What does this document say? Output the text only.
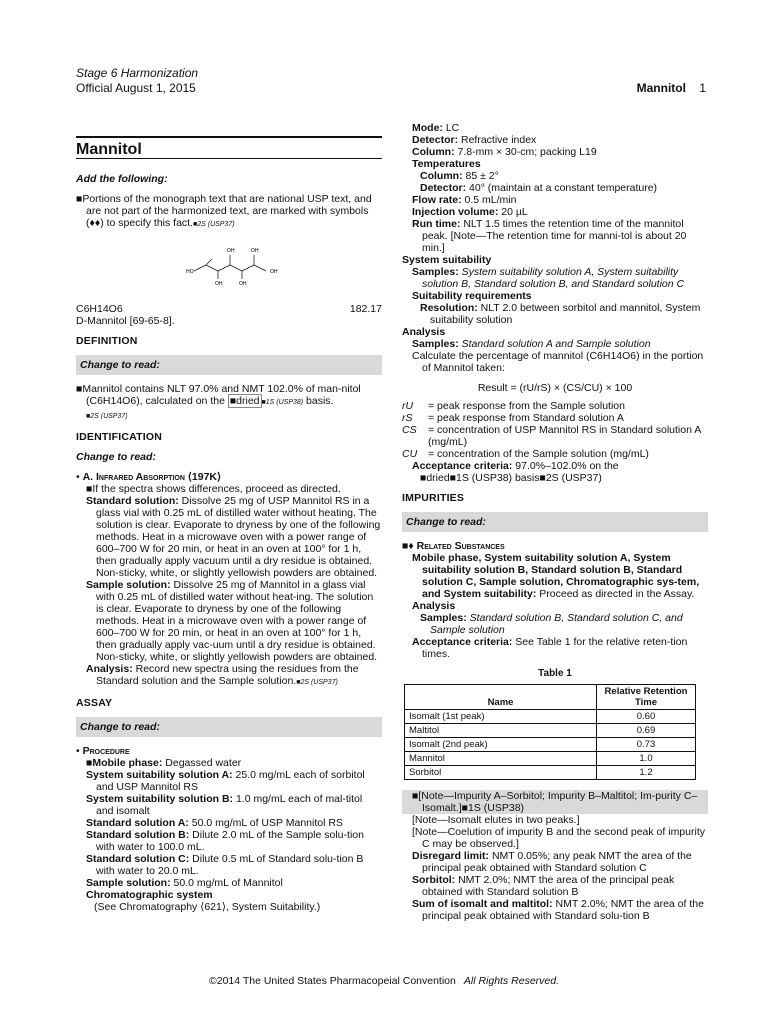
Stage 6 Harmonization
Official August 1, 2015	Mannitol 1
Mannitol
Add the following:

■Portions of the monograph text that are national USP text, and are not part of the harmonized text, are marked with symbols (♦♦) to specify this fact.■2S (USP37)

HO	OH
OH	OH
OH	OH
C6H14O6	182.17

D-Mannitol [69-65-8].

DEFINITION
Change to read:

■Mannitol contains NLT 97.0% and NMT 102.0% of man-nitol (C6H14O6), calculated on the ■dried ■1S (USP38) basis.
■2S (USP37)

IDENTIFICATION
Change to read:

• A. Infrared Absorption ⟨197K⟩

■If the spectra shows differences, proceed as directed.

Standard solution: Dissolve 25 mg of USP Mannitol RS in a glass vial with 0.25 mL of distilled water without heating. The solution is clear. Evaporate to dryness by one of the following methods. Heat in a microwave oven with a power range of 600–700 W for 20 min, or heat in an oven at 100° for 1 h, then gradually apply vacuum until a dry residue is obtained. Non-sticky, white, or slightly yellowish powders are obtained.

Sample solution: Dissolve 25 mg of Mannitol in a glass vial with 0.25 mL of distilled water without heat-ing. The solution is clear. Evaporate to dryness by one of the following methods. Heat in a microwave oven with a power range of 600–700 W for 20 min, or heat in an oven at 100° for 1 h, then gradually apply vac-uum until a dry residue is obtained. Non-sticky, white, or slightly yellowish powders are obtained.

Analysis: Record new spectra using the residues from the Standard solution and the Sample solution.■2S (USP37)

ASSAY
Change to read:

• Procedure

■Mobile phase: Degassed water

System suitability solution A: 25.0 mg/mL each of sorbitol and USP Mannitol RS

System suitability solution B: 1.0 mg/mL each of mal-titol and isomalt

Standard solution A: 50.0 mg/mL of USP Mannitol RS

Standard solution B: Dilute 2.0 mL of the Sample solu-tion with water to 100.0 mL.

Standard solution C: Dilute 0.5 mL of Standard solu-tion B with water to 20.0 mL.

Sample solution: 50.0 mg/mL of Mannitol

Chromatographic system

(See Chromatography ⟨621⟩, System Suitability.)

Mode: LC

Detector: Refractive index

Column: 7.8-mm × 30-cm; packing L19

Temperatures

Column: 85 ± 2°

Detector: 40° (maintain at a constant temperature)

Flow rate: 0.5 mL/min

Injection volume: 20 µL

Run time: NLT 1.5 times the retention time of the mannitol peak. [Note—The retention time for manni-tol is about 20 min.]

System suitability

Samples: System suitability solution A, System suitability solution B, Standard solution B, and Standard solution C

Suitability requirements

Resolution: NLT 2.0 between sorbitol and mannitol, System suitability solution

Analysis

Samples: Standard solution A and Sample solution

Calculate the percentage of mannitol (C6H14O6) in the portion of Mannitol taken:

Result = (rU/rS) × (CS/CU) × 100
rU	= peak response from the Sample solution
rS	= peak response from Standard solution A
CS	= concentration of USP Mannitol RS in Standard solution A (mg/mL)
CU	= concentration of the Sample solution (mg/mL)

Acceptance criteria: 97.0%–102.0% on the

■dried■1S (USP38) basis■2S (USP37)

IMPURITIES
Change to read:

■♦ Related Substances

Mobile phase, System suitability solution A, System suitability solution B, Standard solution B, Standard solution C, Sample solution, Chromatographic sys-tem, and System suitability: Proceed as directed in the Assay.

Analysis

Samples: Standard solution B, Standard solution C, and Sample solution

Acceptance criteria: See Table 1 for the relative reten-tion times.

Table 1
Name	Relative Retention Time
Isomalt (1st peak)	0.60
Maltitol	0.69
Isomalt (2nd peak)	0.73
Mannitol	1.0
Sorbitol	1.2

■[Note—Impurity A–Sorbitol; Impurity B–Maltitol; Im-purity C–Isomalt.]■1S (USP38)

[Note—Isomalt elutes in two peaks.]

[Note—Coelution of impurity B and the second peak of impurity C may be observed.]

Disregard limit: NMT 0.05%; any peak NMT the area of the principal peak obtained with Standard solution C

Sorbitol: NMT 2.0%; NMT the area of the principal peak obtained with Standard solution B

Sum of isomalt and maltitol: NMT 2.0%; NMT the area of the principal peak obtained with Standard solu-tion B

©2014 The United States Pharmacopeial Convention All Rights Reserved.
